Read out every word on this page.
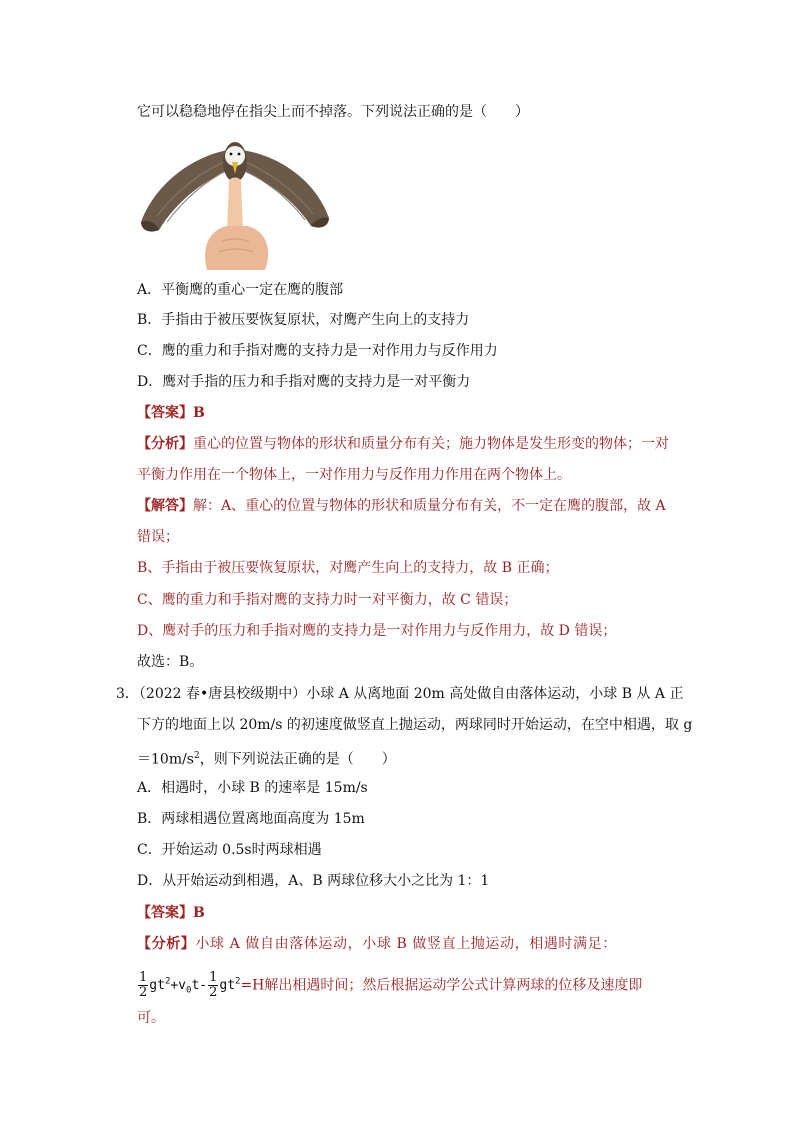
它可以稳稳地停在指尖上而不掉落。下列说法正确的是（　　）
A．平衡鹰的重心一定在鹰的腹部
B．手指由于被压要恢复原状，对鹰产生向上的支持力
C．鹰的重力和手指对鹰的支持力是一对作用力与反作用力
D．鹰对手指的压力和手指对鹰的支持力是一对平衡力
【答案】B
【分析】重心的位置与物体的形状和质量分布有关；施力物体是发生形变的物体；一对
平衡力作用在一个物体上，一对作用力与反作用力作用在两个物体上。
【解答】解：A、重心的位置与物体的形状和质量分布有关，不一定在鹰的腹部，故 A
错误；
B、手指由于被压要恢复原状，对鹰产生向上的支持力，故 B 正确；
C、鹰的重力和手指对鹰的支持力时一对平衡力，故 C 错误；
D、鹰对手的压力和手指对鹰的支持力是一对作用力与反作用力，故 D 错误；
故选：B。
3．（2022 春•唐县校级期中）小球 A 从离地面 20m 高处做自由落体运动，小球 B 从 A 正
下方的地面上以 20m/s 的初速度做竖直上抛运动，两球同时开始运动，在空中相遇，取 g
$=10m/s^2$，则下列说法正确的是（　　）
A．相遇时，小球 B 的速率是 15m/s
B．两球相遇位置离地面高度为 15m
C．开始运动 0.5s时两球相遇
D．从开始运动到相遇，A、B 两球位移大小之比为 1：1
【答案】B
【分析】小球 A 做自由落体运动，小球 B 做竖直上抛运动，相遇时满足：
$\frac{1}{2} gt^2+v_0t- \frac{1}{2} gt^2=H$解出相遇时间；然后根据运动学公式计算两球的位移及速度即
可。
